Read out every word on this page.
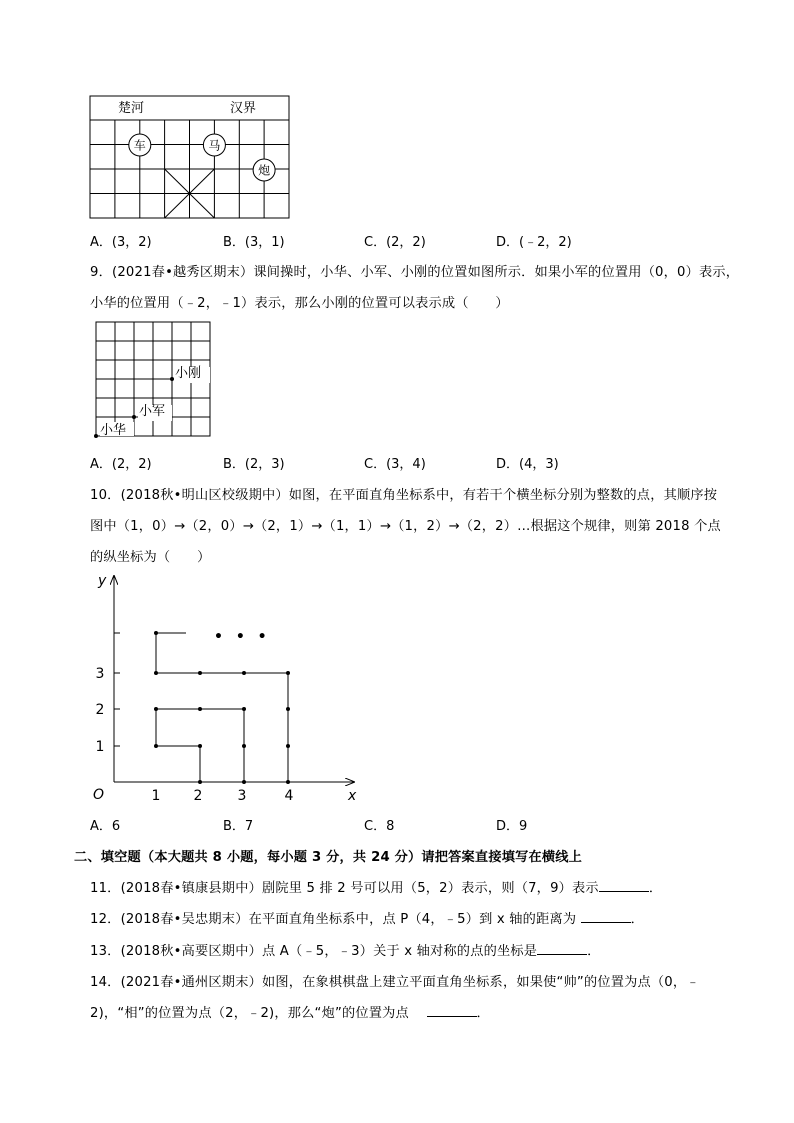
楚河	汉界
车	马
炮
A．(3，2)	B．(3，1)	C．(2，2)	D．(﹣2，2)
9．(2021春•越秀区期末）课间操时，小华、小军、小刚的位置如图所示．如果小军的位置用（0，0）表示，
小华的位置用（﹣2，﹣1）表示，那么小刚的位置可以表示成（　　）
小刚
小军
小华
A．(2，2)	B．(2，3)	C．(3，4)	D．(4，3)
10．(2018秋•明山区校级期中）如图，在平面直角坐标系中，有若干个横坐标分别为整数的点，其顺序按
图中（1，0）→（2，0）→（2，1）→（1，1）→（1，2）→（2，2）…根据这个规律，则第 2018 个点
的纵坐标为（　　）
y
x
O	1 2	3	4
1
2
3
• • •
A．6	B．7	C．8	D．9
二、填空题（本大题共 8 小题，每小题 3 分，共 24 分）请把答案直接填写在横线上
11．(2018春•镇康县期中）剧院里 5 排 2 号可以用（5，2）表示，则（7，9）表示	．
12．(2018春•吴忠期末）在平面直角坐标系中，点 P（4，﹣5）到 x 轴的距离为	．
13．(2018秋•高要区期中）点 A（﹣5，﹣3）关于 x 轴对称的点的坐标是	．
14．(2021春•通州区期末）如图，在象棋棋盘上建立平面直角坐标系，如果使“帅”的位置为点（0，﹣
2)，“相”的位置为点（2，﹣2)，那么“炮”的位置为点	．
